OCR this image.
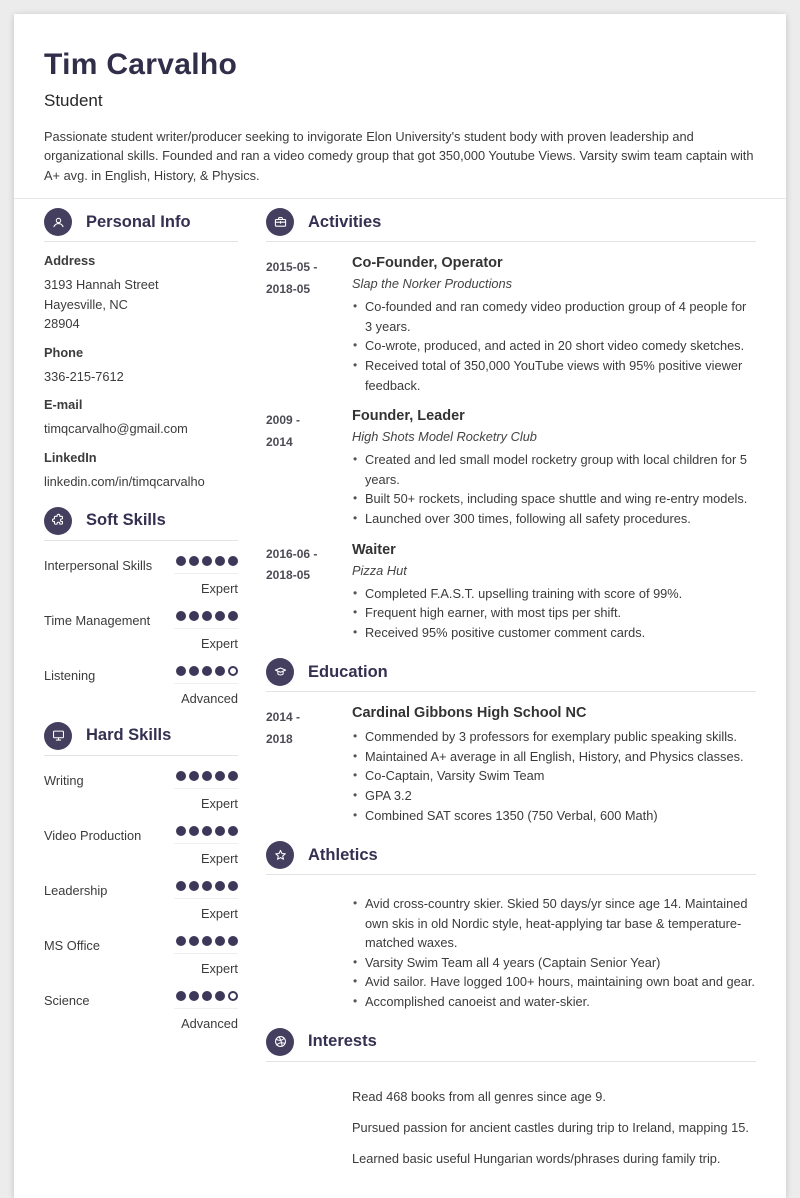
Tim Carvalho
Student
Passionate student writer/producer seeking to invigorate Elon University's student body with proven leadership and organizational skills. Founded and ran a video comedy group that got 350,000 Youtube Views. Varsity swim team captain with A+ avg. in English, History, & Physics.
Personal Info
Address
3193 Hannah Street
Hayesville, NC
28904
Phone
336-215-7612
E-mail
timqcarvalho@gmail.com
LinkedIn
linkedin.com/in/timqcarvalho
Soft Skills
Interpersonal Skills
Expert
Time Management
Expert
Listening
Advanced
Hard Skills
Writing
Expert
Video Production
Expert
Leadership
Expert
MS Office
Expert
Science
Advanced
Activities
2015-05 -
2018-05
Co-Founder, Operator
Slap the Norker Productions
• Co-founded and ran comedy video production group of 4 people for 3 years.
• Co-wrote, produced, and acted in 20 short video comedy sketches.
• Received total of 350,000 YouTube views with 95% positive viewer feedback.
2009 -
2014
Founder, Leader
High Shots Model Rocketry Club
• Created and led small model rocketry group with local children for 5 years.
• Built 50+ rockets, including space shuttle and wing re-entry models.
• Launched over 300 times, following all safety procedures.
2016-06 -
2018-05
Waiter
Pizza Hut
• Completed F.A.S.T. upselling training with score of 99%.
• Frequent high earner, with most tips per shift.
• Received 95% positive customer comment cards.
Education
2014 -
2018
Cardinal Gibbons High School NC
• Commended by 3 professors for exemplary public speaking skills.
• Maintained A+ average in all English, History, and Physics classes.
• Co-Captain, Varsity Swim Team
• GPA 3.2
• Combined SAT scores 1350 (750 Verbal, 600 Math)
Athletics
• Avid cross-country skier. Skied 50 days/yr since age 14. Maintained own skis in old Nordic style, heat-applying tar base & temperature-matched waxes.
• Varsity Swim Team all 4 years (Captain Senior Year)
• Avid sailor. Have logged 100+ hours, maintaining own boat and gear.
• Accomplished canoeist and water-skier.
Interests
Read 468 books from all genres since age 9.
Pursued passion for ancient castles during trip to Ireland, mapping 15.
Learned basic useful Hungarian words/phrases during family trip.
